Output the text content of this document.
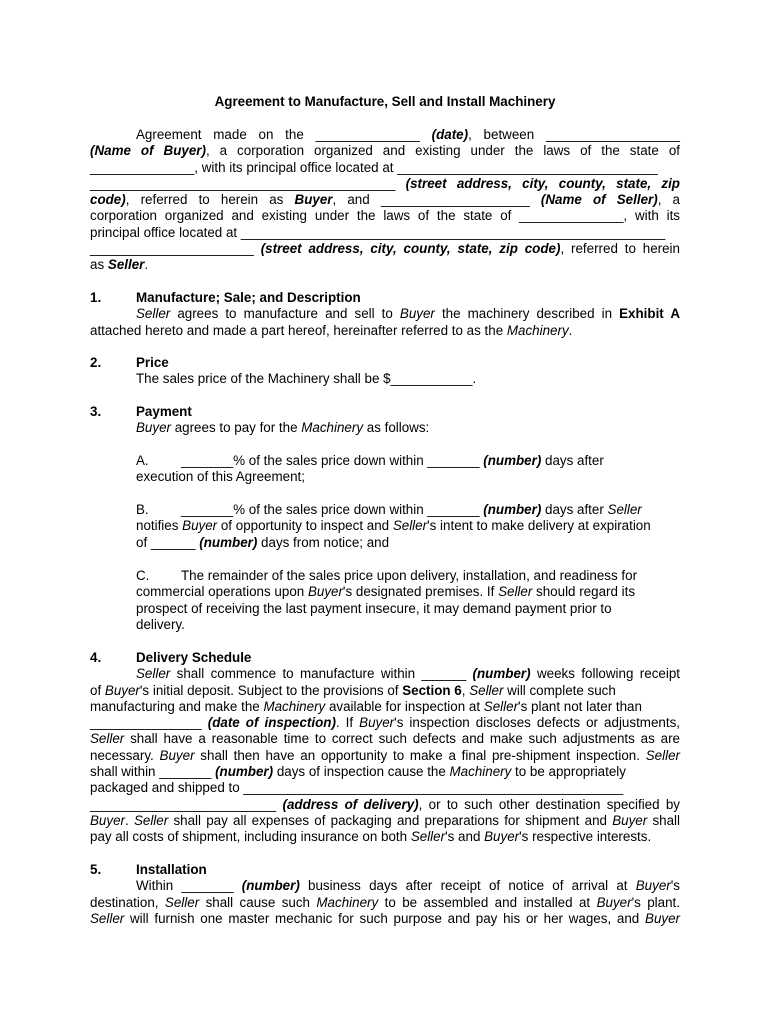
Agreement to Manufacture, Sell and Install Machinery
Agreement made on the ______________ (date), between __________________
(Name of Buyer), a corporation organized and existing under the laws of the state of
______________, with its principal office located at ___________________________________
_________________________________________ (street address, city, county, state, zip
code), referred to herein as Buyer, and ____________________ (Name of Seller), a
corporation organized and existing under the laws of the state of ______________, with its
principal office located at _________________________________________________________
______________________ (street address, city, county, state, zip code), referred to herein
as Seller.
1.	Manufacture; Sale; and Description
Seller agrees to manufacture and sell to Buyer the machinery described in Exhibit A
attached hereto and made a part hereof, hereinafter referred to as the Machinery.
2.	Price
The sales price of the Machinery shall be $___________.
3.	Payment
Buyer agrees to pay for the Machinery as follows:
A. _______% of the sales price down within _______ (number) days after
execution of this Agreement;
B. _______% of the sales price down within _______ (number) days after Seller
notifies Buyer of opportunity to inspect and Seller's intent to make delivery at expiration
of ______ (number) days from notice; and
C. The remainder of the sales price upon delivery, installation, and readiness for
commercial operations upon Buyer's designated premises. If Seller should regard its
prospect of receiving the last payment insecure, it may demand payment prior to
delivery.
4.	Delivery Schedule
Seller shall commence to manufacture within ______ (number) weeks following receipt
of Buyer's initial deposit. Subject to the provisions of Section 6, Seller will complete such
manufacturing and make the Machinery available for inspection at Seller's plant not later than
_______________ (date of inspection). If Buyer's inspection discloses defects or adjustments,
Seller shall have a reasonable time to correct such defects and make such adjustments as are
necessary. Buyer shall then have an opportunity to make a final pre-shipment inspection. Seller
shall within _______ (number) days of inspection cause the Machinery to be appropriately
packaged and shipped to ___________________________________________________
_________________________ (address of delivery), or to such other destination specified by
Buyer. Seller shall pay all expenses of packaging and preparations for shipment and Buyer shall
pay all costs of shipment, including insurance on both Seller's and Buyer's respective interests.
5.	Installation
Within _______ (number) business days after receipt of notice of arrival at Buyer's
destination, Seller shall cause such Machinery to be assembled and installed at Buyer's plant.
Seller will furnish one master mechanic for such purpose and pay his or her wages, and Buyer
